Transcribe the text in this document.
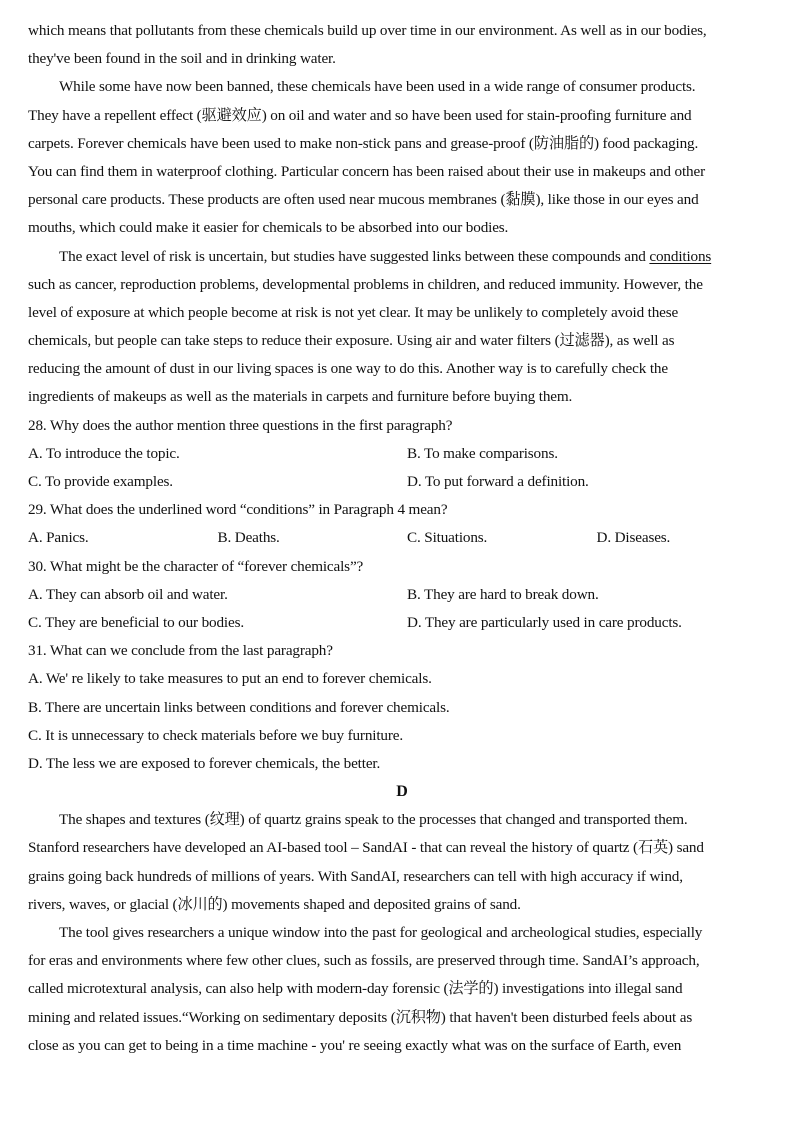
which means that pollutants from these chemicals build up over time in our environment. As well as in our bodies,
they've been found in the soil and in drinking water.
While some have now been banned, these chemicals have been used in a wide range of consumer products.
They have a repellent effect (驱避效应) on oil and water and so have been used for stain-proofing furniture and
carpets. Forever chemicals have been used to make non-stick pans and grease-proof (防油脂的) food packaging.
You can find them in waterproof clothing. Particular concern has been raised about their use in makeups and other
personal care products. These products are often used near mucous membranes (黏膜), like those in our eyes and
mouths, which could make it easier for chemicals to be absorbed into our bodies.
The exact level of risk is uncertain, but studies have suggested links between these compounds and conditions
such as cancer, reproduction problems, developmental problems in children, and reduced immunity. However, the
level of exposure at which people become at risk is not yet clear. It may be unlikely to completely avoid these
chemicals, but people can take steps to reduce their exposure. Using air and water filters (过滤器), as well as
reducing the amount of dust in our living spaces is one way to do this. Another way is to carefully check the
ingredients of makeups as well as the materials in carpets and furniture before buying them.
28. Why does the author mention three questions in the first paragraph?
A. To introduce the topic.	B. To make comparisons.
C. To provide examples.	D. To put forward a definition.
29. What does the underlined word “conditions” in Paragraph 4 mean?
A. Panics.	B. Deaths.	C. Situations.	D. Diseases.
30. What might be the character of “forever chemicals”?
A. They can absorb oil and water.	B. They are hard to break down.
C. They are beneficial to our bodies.	D. They are particularly used in care products.
31. What can we conclude from the last paragraph?
A. We' re likely to take measures to put an end to forever chemicals.
B. There are uncertain links between conditions and forever chemicals.
C. It is unnecessary to check materials before we buy furniture.
D. The less we are exposed to forever chemicals, the better.
D
The shapes and textures (纹理) of quartz grains speak to the processes that changed and transported them.
Stanford researchers have developed an AI-based tool – SandAI - that can reveal the history of quartz (石英) sand
grains going back hundreds of millions of years. With SandAI, researchers can tell with high accuracy if wind,
rivers, waves, or glacial (冰川的) movements shaped and deposited grains of sand.
The tool gives researchers a unique window into the past for geological and archeological studies, especially
for eras and environments where few other clues, such as fossils, are preserved through time. SandAI’s approach,
called microtextural analysis, can also help with modern-day forensic (法学的) investigations into illegal sand
mining and related issues.“Working on sedimentary deposits (沉积物) that haven't been disturbed feels about as
close as you can get to being in a time machine - you' re seeing exactly what was on the surface of Earth, even
